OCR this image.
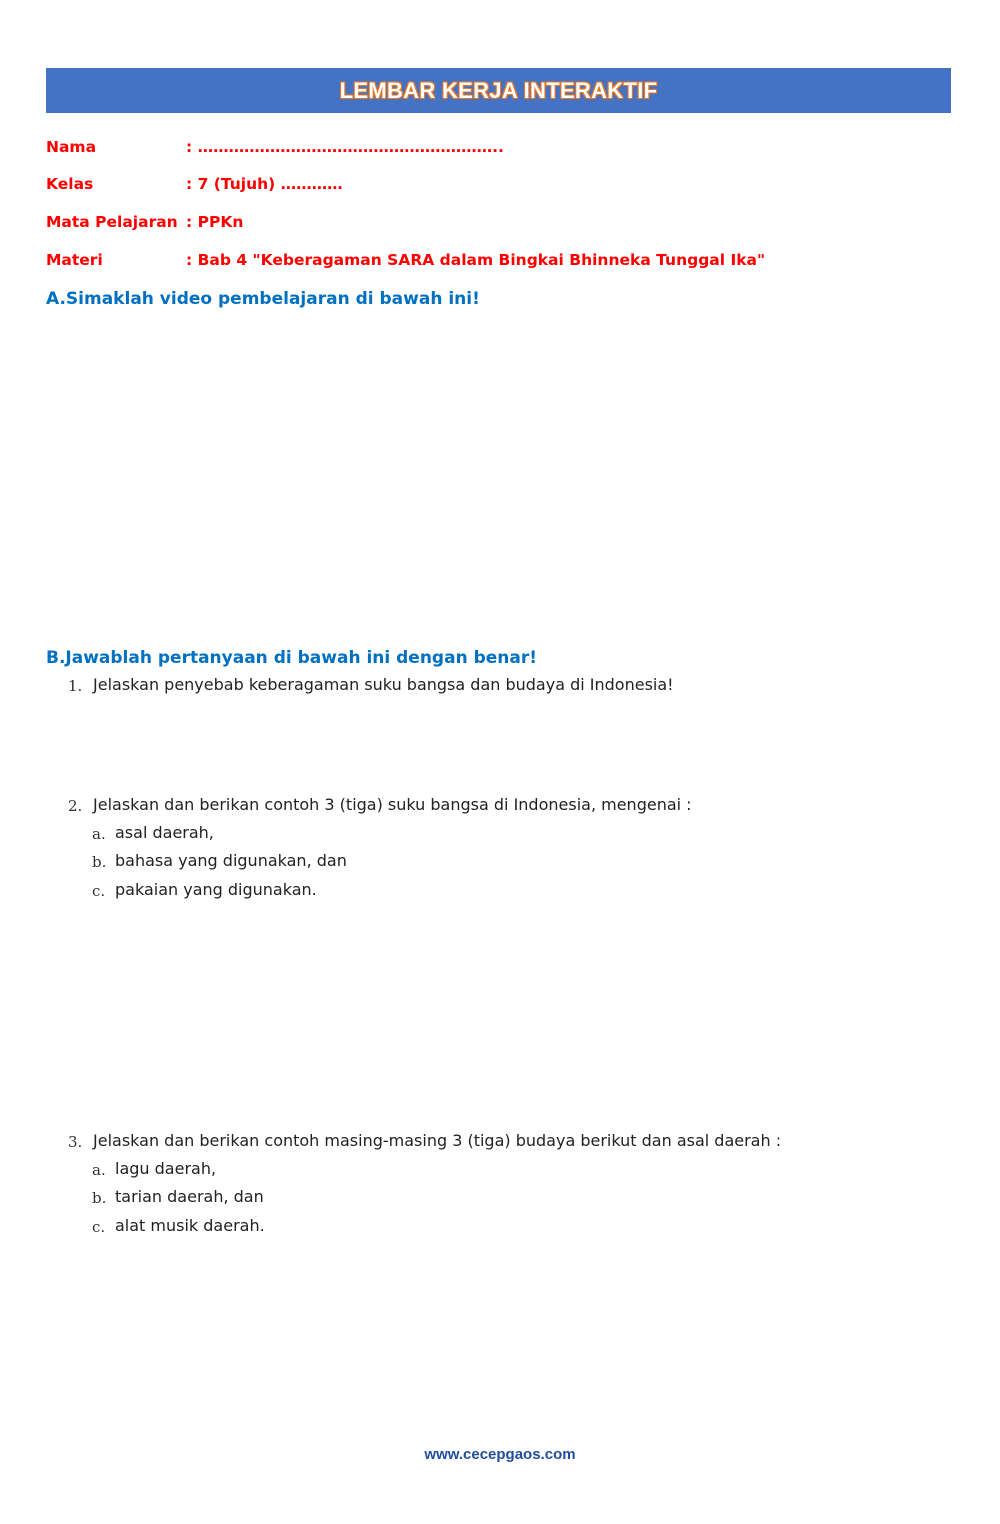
LEMBAR KERJA INTERAKTIF
Nama	: …………………………………………………..
Kelas	: 7 (Tujuh) …………
Mata Pelajaran : PPKn
Materi	: Bab 4 "Keberagaman SARA dalam Bingkai Bhinneka Tunggal Ika"
A.Simaklah video pembelajaran di bawah ini!
B.Jawablah pertanyaan di bawah ini dengan benar!
1. Jelaskan penyebab keberagaman suku bangsa dan budaya di Indonesia!
2. Jelaskan dan berikan contoh 3 (tiga) suku bangsa di Indonesia, mengenai :
a. asal daerah,
b. bahasa yang digunakan, dan
c. pakaian yang digunakan.
3. Jelaskan dan berikan contoh masing-masing 3 (tiga) budaya berikut dan asal daerah :
a. lagu daerah,
b. tarian daerah, dan
c. alat musik daerah.
www.cecepgaos.com
